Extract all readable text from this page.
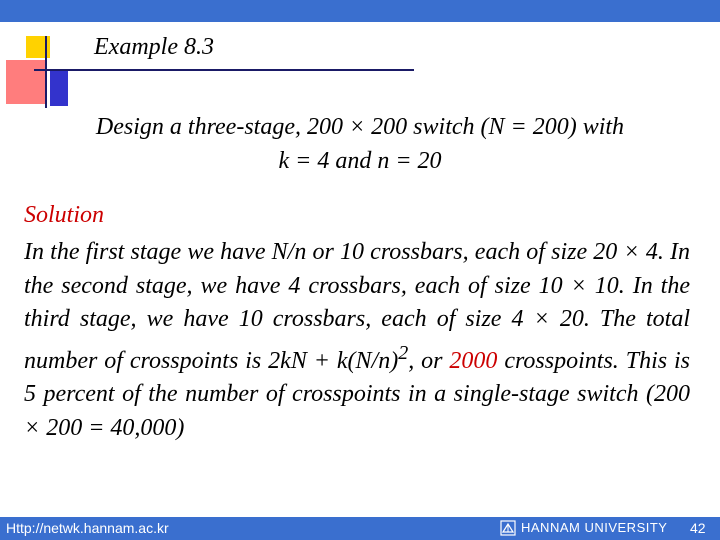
Example 8.3
Design a three-stage, 200 × 200 switch (N = 200) with
k = 4 and n = 20
Solution
In the first stage we have N/n or 10 crossbars, each of size 20 × 4. In the second stage, we have 4 crossbars, each of size 10 × 10. In the third stage, we have 10 crossbars, each of size 4 × 20. The total number of crosspoints is $2kN + k(N/n)^2$, or 2000 crosspoints. This is 5 percent of the number of crosspoints in a single-stage switch (200 × 200 = 40,000)
Http://netwk.hannam.ac.kr	HANNAM UNIVERSITY 42
